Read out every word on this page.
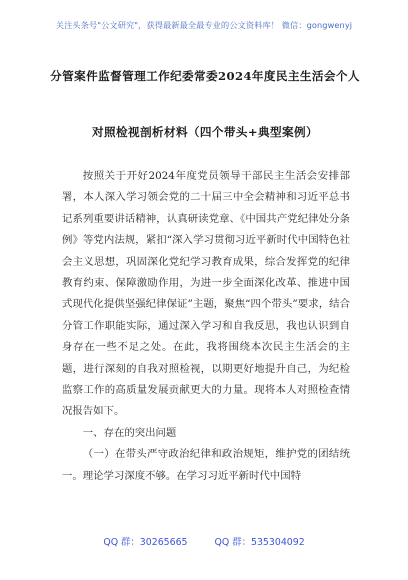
关注头条号"公文研究"，获得最新最全最专业的公文资料库！ 微信：gongwenyj
分管案件监督管理工作纪委常委2024年度民主生活会个人
对照检视剖析材料（四个带头+典型案例）

按照关于开好2024年度党员领导干部民主生活会安排部署，本人深入学习领会党的二十届三中全会精神和习近平总书记系列重要讲话精神，认真研读党章、《中国共产党纪律处分条例》等党内法规，紧扣“深入学习贯彻习近平新时代中国特色社会主义思想，巩固深化党纪学习教育成果，综合发挥党的纪律教育约束、保障激励作用，为进一步全面深化改革、推进中国式现代化提供坚强纪律保证”主题，聚焦“四个带头”要求，结合分管工作职能实际，通过深入学习和自我反思，我也认识到自身存在一些不足之处。在此，我将围绕本次民主生活会的主题，进行深刻的自我对照检视，以期更好地提升自己，为纪检监察工作的高质量发展贡献更大的力量。现将本人对照检查情况报告如下。

一、存在的突出问题

（一）在带头严守政治纪律和政治规矩，维护党的团结统一。理论学习深度不够。在学习习近平新时代中国特

QQ 群：30265665	QQ 群：535304092
